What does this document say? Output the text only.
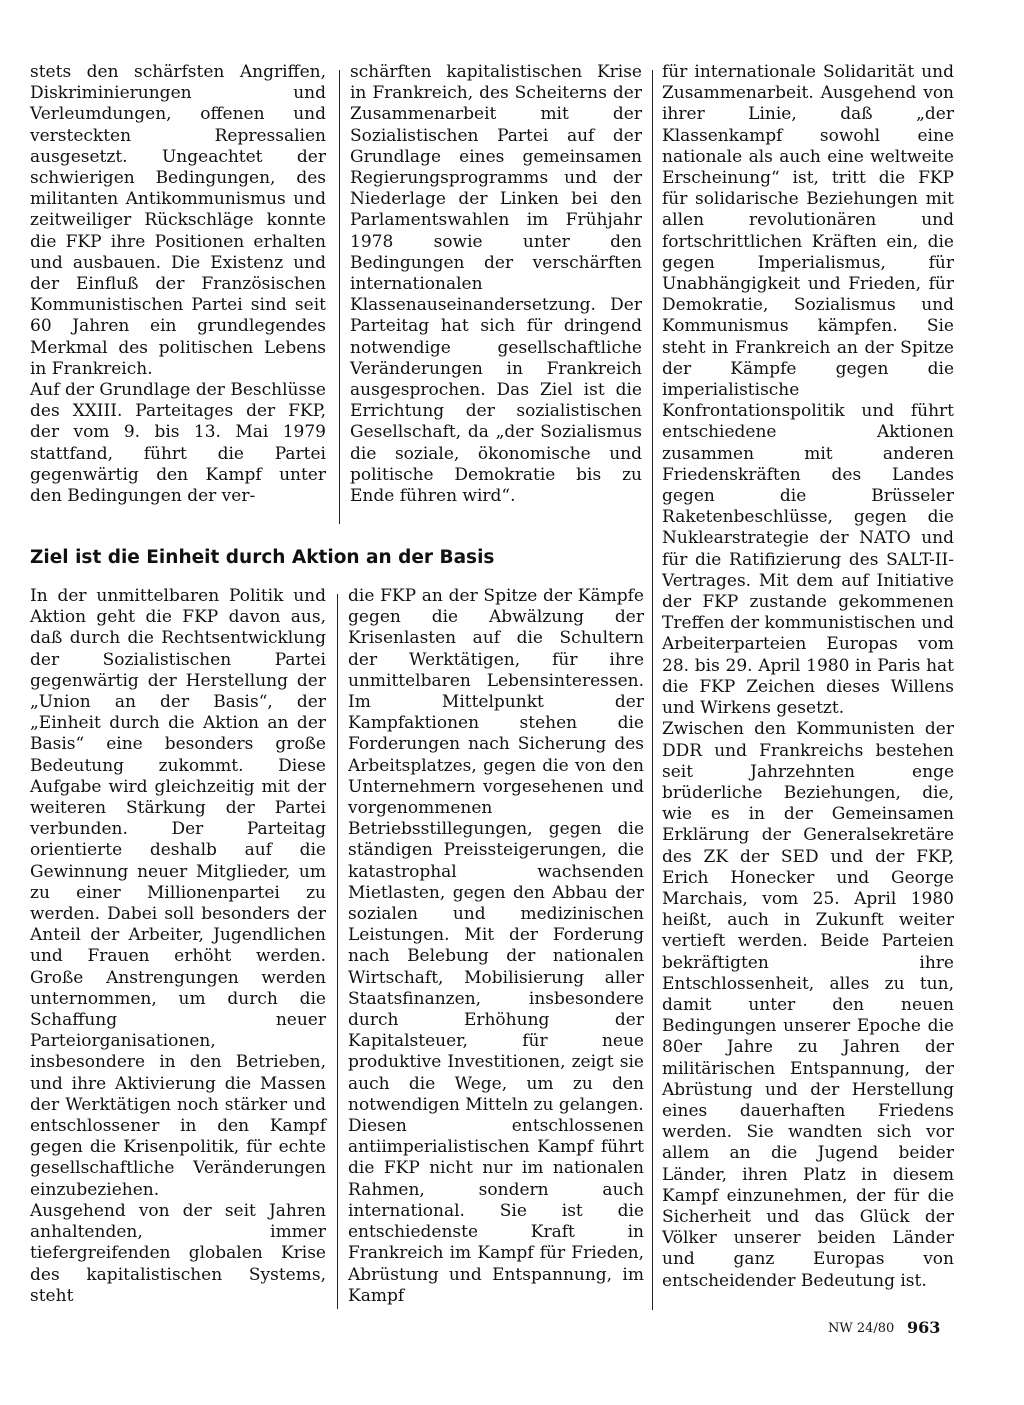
stets den schärfsten Angriffen, Diskriminierungen und Verleumdungen, offenen und versteckten Repressalien ausgesetzt. Ungeachtet der schwierigen Bedingungen, des militanten Antikommunismus und zeitweiliger Rückschläge konnte die FKP ihre Positionen erhalten und ausbauen. Die Existenz und der Einfluß der Französischen Kommunistischen Partei sind seit 60 Jahren ein grundlegendes Merkmal des politischen Lebens in Frankreich.

Auf der Grundlage der Beschlüsse des XXIII. Parteitages der FKP, der vom 9. bis 13. Mai 1979 stattfand, führt die Partei gegenwärtig den Kampf unter den Bedingungen der ver-

schärften kapitalistischen Krise in Frankreich, des Scheiterns der Zusammenarbeit mit der Sozialistischen Partei auf der Grundlage eines gemeinsamen Regierungsprogramms und der Niederlage der Linken bei den Parlamentswahlen im Frühjahr 1978 sowie unter den Bedingungen der verschärften internationalen Klassenauseinandersetzung. Der Parteitag hat sich für dringend notwendige gesellschaftliche Veränderungen in Frankreich ausgesprochen. Das Ziel ist die Errichtung der sozialistischen Gesellschaft, da „der Sozialismus die soziale, ökonomische und politische Demokratie bis zu Ende führen wird“.

für internationale Solidarität und Zusammenarbeit. Ausgehend von ihrer Linie, daß „der Klassenkampf sowohl eine nationale als auch eine weltweite Erscheinung“ ist, tritt die FKP für solidarische Beziehungen mit allen revolutionären und fortschrittlichen Kräften ein, die gegen Imperialismus, für Unabhängigkeit und Frieden, für Demokratie, Sozialismus und Kommunismus kämpfen. Sie steht in Frankreich an der Spitze der Kämpfe gegen die imperialistische Konfrontationspolitik und führt entschiedene Aktionen zusammen mit anderen Friedenskräften des Landes gegen die Brüsseler Raketenbeschlüsse, gegen die Nuklearstrategie der NATO und für die Ratifizierung des SALT-II-Vertrages. Mit dem auf Initiative der FKP zustande gekommenen Treffen der kommunistischen und Arbeiterparteien Europas vom 28. bis 29. April 1980 in Paris hat die FKP Zeichen dieses Willens und Wirkens gesetzt.

Zwischen den Kommunisten der DDR und Frankreichs bestehen seit Jahrzehnten enge brüderliche Beziehungen, die, wie es in der Gemeinsamen Erklärung der Generalsekretäre des ZK der SED und der FKP, Erich Honecker und George Marchais, vom 25. April 1980 heißt, auch in Zukunft weiter vertieft werden. Beide Parteien bekräftigten ihre Entschlossenheit, alles zu tun, damit unter den neuen Bedingungen unserer Epoche die 80er Jahre zu Jahren der militärischen Entspannung, der Abrüstung und der Herstellung eines dauerhaften Friedens werden. Sie wandten sich vor allem an die Jugend beider Länder, ihren Platz in diesem Kampf einzunehmen, der für die Sicherheit und das Glück der Völker unserer beiden Länder und ganz Europas von entscheidender Bedeutung ist.

Ziel ist die Einheit durch Aktion an der Basis

In der unmittelbaren Politik und Aktion geht die FKP davon aus, daß durch die Rechtsentwicklung der Sozialistischen Partei gegenwärtig der Herstellung der „Union an der Basis“, der „Einheit durch die Aktion an der Basis“ eine besonders große Bedeutung zukommt. Diese Aufgabe wird gleichzeitig mit der weiteren Stärkung der Partei verbunden. Der Parteitag orientierte deshalb auf die Gewinnung neuer Mitglieder, um zu einer Millionenpartei zu werden. Dabei soll besonders der Anteil der Arbeiter, Jugendlichen und Frauen erhöht werden. Große Anstrengungen werden unternommen, um durch die Schaffung neuer Parteiorganisationen, insbesondere in den Betrieben, und ihre Aktivierung die Massen der Werktätigen noch stärker und entschlossener in den Kampf gegen die Krisenpolitik, für echte gesellschaftliche Veränderungen einzubeziehen.

Ausgehend von der seit Jahren anhaltenden, immer tiefergreifenden globalen Krise des kapitalistischen Systems, steht

die FKP an der Spitze der Kämpfe gegen die Abwälzung der Krisenlasten auf die Schultern der Werktätigen, für ihre unmittelbaren Lebensinteressen. Im Mittelpunkt der Kampfaktionen stehen die Forderungen nach Sicherung des Arbeitsplatzes, gegen die von den Unternehmern vorgesehenen und vorgenommenen Betriebsstillegungen, gegen die ständigen Preissteigerungen, die katastrophal wachsenden Mietlasten, gegen den Abbau der sozialen und medizinischen Leistungen. Mit der Forderung nach Belebung der nationalen Wirtschaft, Mobilisierung aller Staatsfinanzen, insbesondere durch Erhöhung der Kapitalsteuer, für neue produktive Investitionen, zeigt sie auch die Wege, um zu den notwendigen Mitteln zu gelangen.

Diesen entschlossenen antiimperialistischen Kampf führt die FKP nicht nur im nationalen Rahmen, sondern auch international. Sie ist die entschiedenste Kraft in Frankreich im Kampf für Frieden, Abrüstung und Entspannung, im Kampf

NW 24/80 963
